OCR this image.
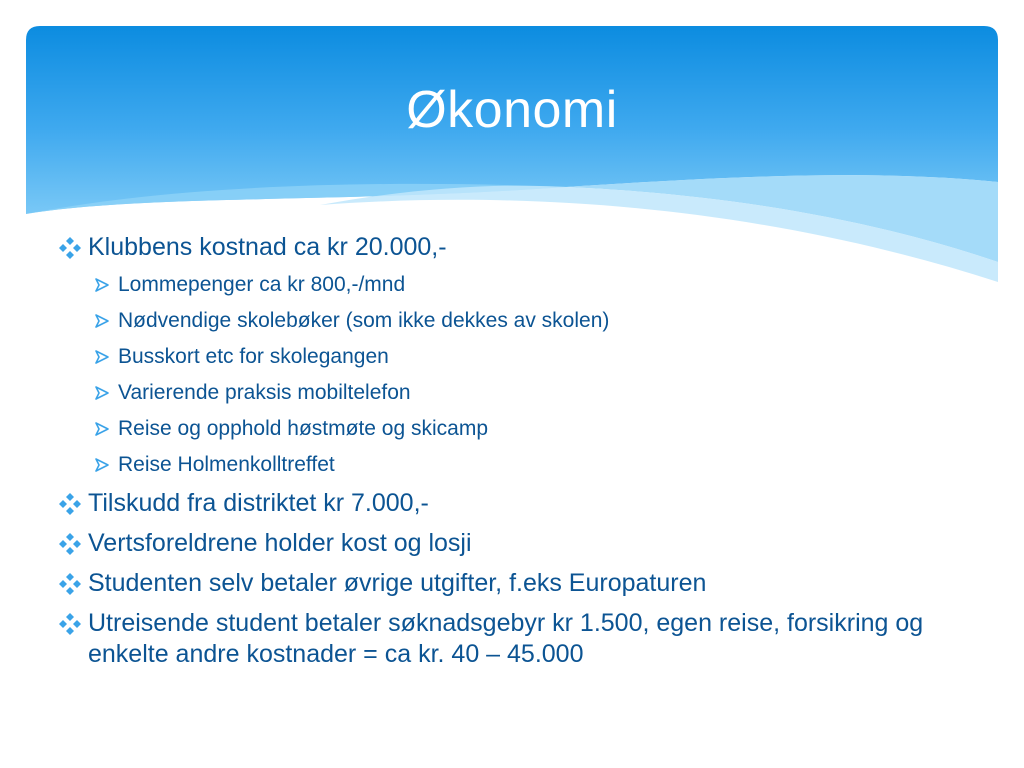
Økonomi
Klubbens kostnad ca kr 20.000,-
Lommepenger ca kr 800,-/mnd
Nødvendige skolebøker (som ikke dekkes av skolen)
Busskort etc for skolegangen
Varierende praksis mobiltelefon
Reise og opphold høstmøte og skicamp
Reise Holmenkolltreffet
Tilskudd fra distriktet kr 7.000,-
Vertsforeldrene holder kost og losji
Studenten selv betaler øvrige utgifter, f.eks Europaturen
Utreisende student betaler søknadsgebyr kr 1.500, egen reise, forsikring og enkelte andre kostnader = ca kr. 40 – 45.000
